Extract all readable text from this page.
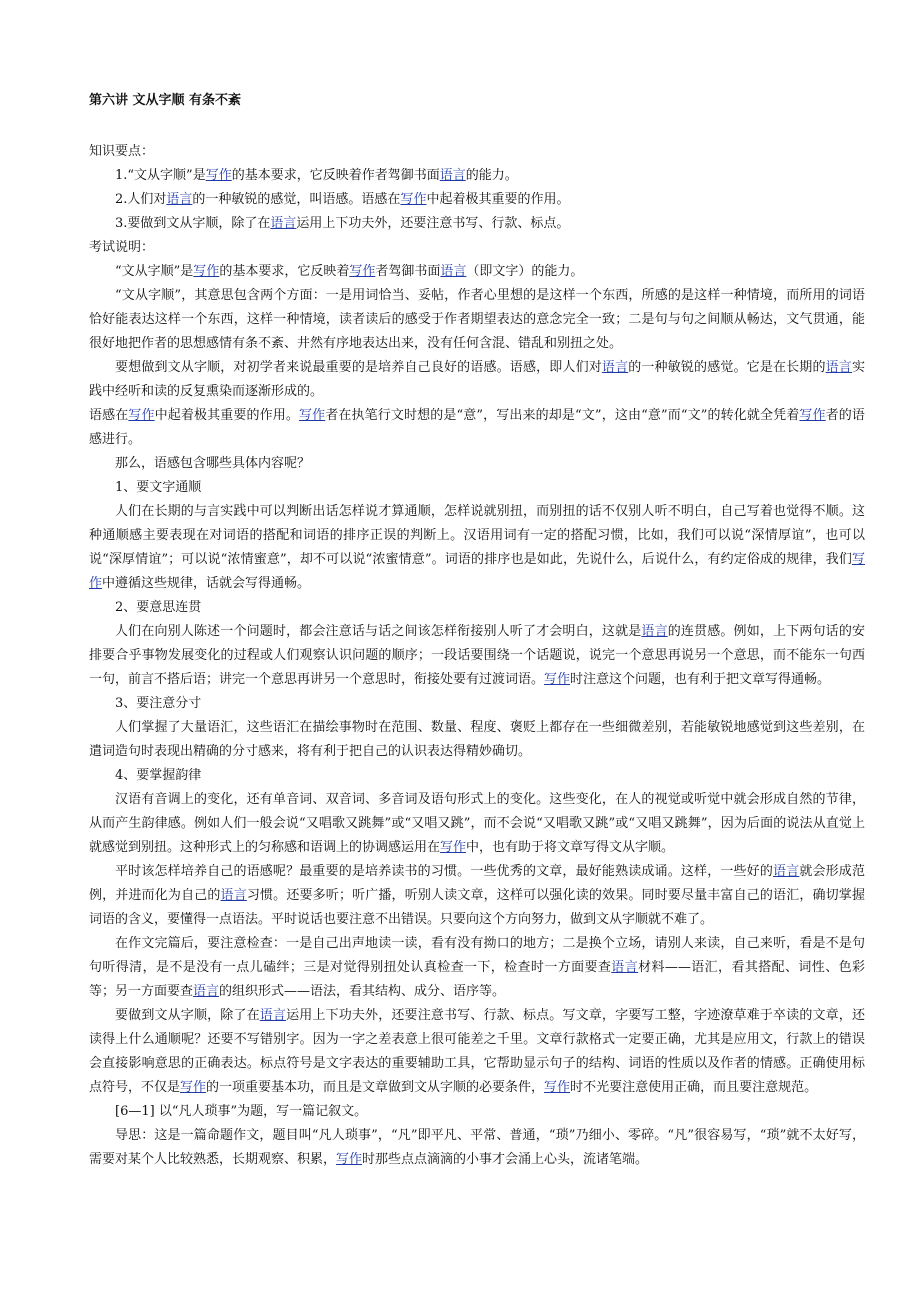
第六讲 文从字顺 有条不紊

知识要点：

1.“文从字顺”是写作的基本要求，它反映着作者驾御书面语言的能力。

2.人们对语言的一种敏锐的感觉，叫语感。语感在写作中起着极其重要的作用。

3.要做到文从字顺，除了在语言运用上下功夫外，还要注意书写、行款、标点。

考试说明：

“文从字顺”是写作的基本要求，它反映着写作者驾御书面语言（即文字）的能力。

“文从字顺”，其意思包含两个方面：一是用词恰当、妥帖，作者心里想的是这样一个东西，所感的是这样一种情境，而所用的词语恰好能表达这样一个东西，这样一种情境，读者读后的感受于作者期望表达的意念完全一致；二是句与句之间顺从畅达，文气贯通，能很好地把作者的思想感情有条不紊、井然有序地表达出来，没有任何含混、错乱和别扭之处。

要想做到文从字顺，对初学者来说最重要的是培养自己良好的语感。语感，即人们对语言的一种敏锐的感觉。它是在长期的语言实践中经听和读的反复熏染而逐渐形成的。

语感在写作中起着极其重要的作用。写作者在执笔行文时想的是“意”，写出来的却是“文”，这由“意”而“文”的转化就全凭着写作者的语感进行。

那么，语感包含哪些具体内容呢？

1、要文字通顺

人们在长期的与言实践中可以判断出话怎样说才算通顺，怎样说就别扭，而别扭的话不仅别人听不明白，自己写着也觉得不顺。这种通顺感主要表现在对词语的搭配和词语的排序正误的判断上。汉语用词有一定的搭配习惯，比如，我们可以说“深情厚谊”，也可以说“深厚情谊”；可以说“浓情蜜意”，却不可以说“浓蜜情意”。词语的排序也是如此，先说什么，后说什么，有约定俗成的规律，我们写作中遵循这些规律，话就会写得通畅。

2、要意思连贯

人们在向别人陈述一个问题时，都会注意话与话之间该怎样衔接别人听了才会明白，这就是语言的连贯感。例如，上下两句话的安排要合乎事物发展变化的过程或人们观察认识问题的顺序；一段话要围绕一个话题说，说完一个意思再说另一个意思，而不能东一句西一句，前言不搭后语；讲完一个意思再讲另一个意思时，衔接处要有过渡词语。写作时注意这个问题，也有利于把文章写得通畅。

3、要注意分寸

人们掌握了大量语汇，这些语汇在描绘事物时在范围、数量、程度、褒贬上都存在一些细微差别，若能敏锐地感觉到这些差别，在遣词造句时表现出精确的分寸感来，将有利于把自己的认识表达得精妙确切。

4、要掌握韵律

汉语有音调上的变化，还有单音词、双音词、多音词及语句形式上的变化。这些变化，在人的视觉或听觉中就会形成自然的节律，从而产生韵律感。例如人们一般会说“又唱歌又跳舞”或“又唱又跳”，而不会说“又唱歌又跳”或“又唱又跳舞”，因为后面的说法从直觉上就感觉到别扭。这种形式上的匀称感和语调上的协调感运用在写作中，也有助于将文章写得文从字顺。

平时该怎样培养自己的语感呢？最重要的是培养读书的习惯。一些优秀的文章，最好能熟读成诵。这样，一些好的语言就会形成范例，并进而化为自己的语言习惯。还要多听；听广播，听别人读文章，这样可以强化读的效果。同时要尽量丰富自己的语汇，确切掌握词语的含义，要懂得一点语法。平时说话也要注意不出错误。只要向这个方向努力，做到文从字顺就不难了。

在作文完篇后，要注意检查：一是自己出声地读一读，看有没有拗口的地方；二是换个立场，请别人来读，自己来听，看是不是句句听得清，是不是没有一点儿磕绊；三是对觉得别扭处认真检查一下，检查时一方面要查语言材料——语汇，看其搭配、词性、色彩等；另一方面要查语言的组织形式——语法，看其结构、成分、语序等。

要做到文从字顺，除了在语言运用上下功夫外，还要注意书写、行款、标点。写文章，字要写工整，字迹潦草难于卒读的文章，还读得上什么通顺呢？还要不写错别字。因为一字之差表意上很可能差之千里。文章行款格式一定要正确，尤其是应用文，行款上的错误会直接影响意思的正确表达。标点符号是文字表达的重要辅助工具，它帮助显示句子的结构、词语的性质以及作者的情感。正确使用标点符号，不仅是写作的一项重要基本功，而且是文章做到文从字顺的必要条件，写作时不光要注意使用正确，而且要注意规范。

[6—1] 以“凡人琐事”为题，写一篇记叙文。

导思：这是一篇命题作文，题目叫“凡人琐事”，“凡”即平凡、平常、普通，“琐”乃细小、零碎。“凡”很容易写，“琐”就不太好写，需要对某个人比较熟悉，长期观察、积累，写作时那些点点滴滴的小事才会涌上心头，流诸笔端。
